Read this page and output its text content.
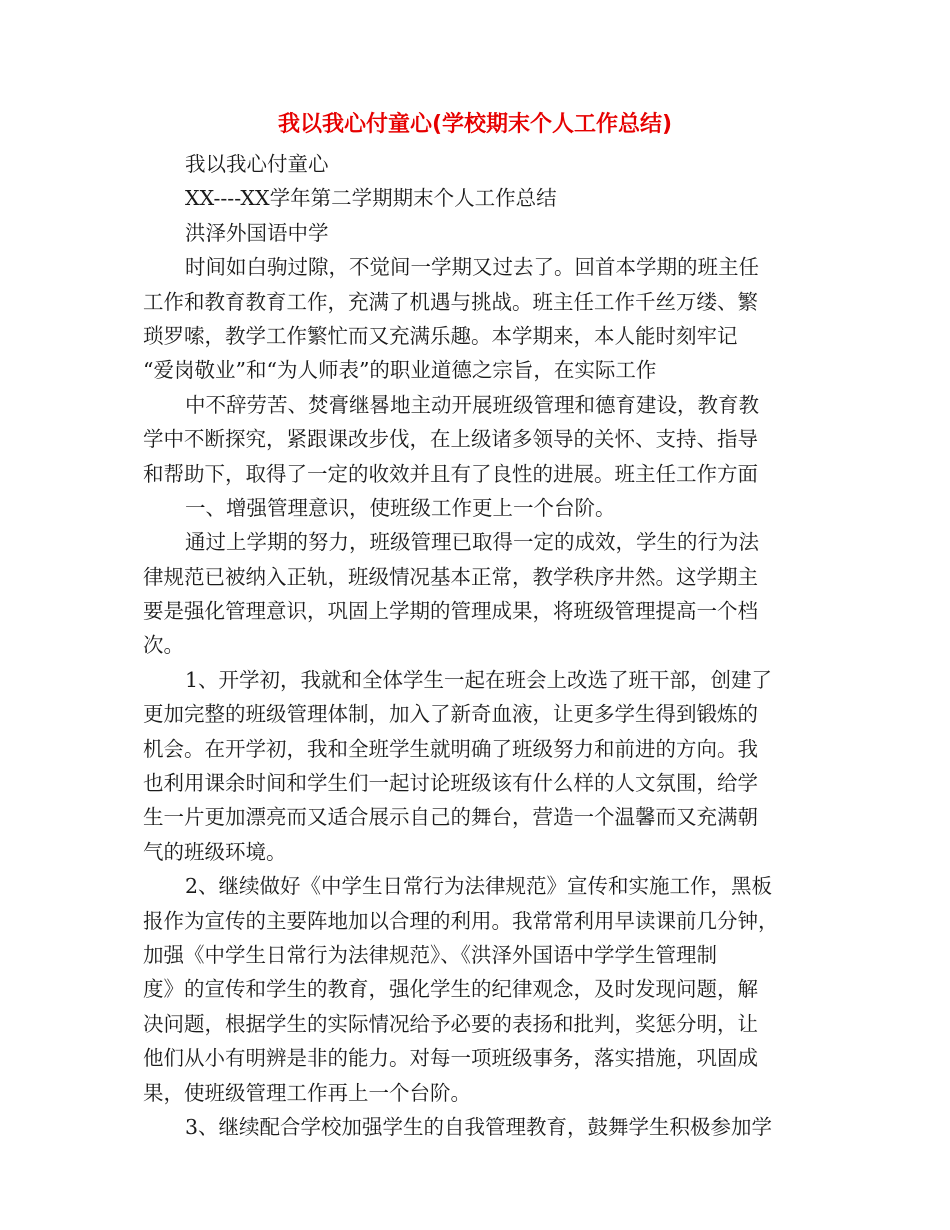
我以我心付童心(学校期末个人工作总结)
我以我心付童心
XX----XX学年第二学期期末个人工作总结
洪泽外国语中学
时间如白驹过隙，不觉间一学期又过去了。回首本学期的班主任
工作和教育教育工作，充满了机遇与挑战。班主任工作千丝万缕、繁
琐罗嗦，教学工作繁忙而又充满乐趣。本学期来，本人能时刻牢记
“爱岗敬业”和“为人师表”的职业道德之宗旨，在实际工作
中不辞劳苦、焚膏继晷地主动开展班级管理和德育建设，教育教
学中不断探究，紧跟课改步伐，在上级诸多领导的关怀、支持、指导
和帮助下，取得了一定的收效并且有了良性的进展。班主任工作方面
一、增强管理意识，使班级工作更上一个台阶。
通过上学期的努力，班级管理已取得一定的成效，学生的行为法
律规范已被纳入正轨，班级情况基本正常，教学秩序井然。这学期主
要是强化管理意识，巩固上学期的管理成果，将班级管理提高一个档
次。
1、开学初，我就和全体学生一起在班会上改选了班干部，创建了
更加完整的班级管理体制，加入了新奇血液，让更多学生得到锻炼的
机会。在开学初，我和全班学生就明确了班级努力和前进的方向。我
也利用课余时间和学生们一起讨论班级该有什么样的人文氛围，给学
生一片更加漂亮而又适合展示自己的舞台，营造一个温馨而又充满朝
气的班级环境。
2、继续做好《中学生日常行为法律规范》宣传和实施工作，黑板
报作为宣传的主要阵地加以合理的利用。我常常利用早读课前几分钟，
加强《中学生日常行为法律规范》、《洪泽外国语中学学生管理制
度》的宣传和学生的教育，强化学生的纪律观念，及时发现问题，解
决问题，根据学生的实际情况给予必要的表扬和批判，奖惩分明，让
他们从小有明辨是非的能力。对每一项班级事务，落实措施，巩固成
果，使班级管理工作再上一个台阶。
3、继续配合学校加强学生的自我管理教育，鼓舞学生积极参加学
